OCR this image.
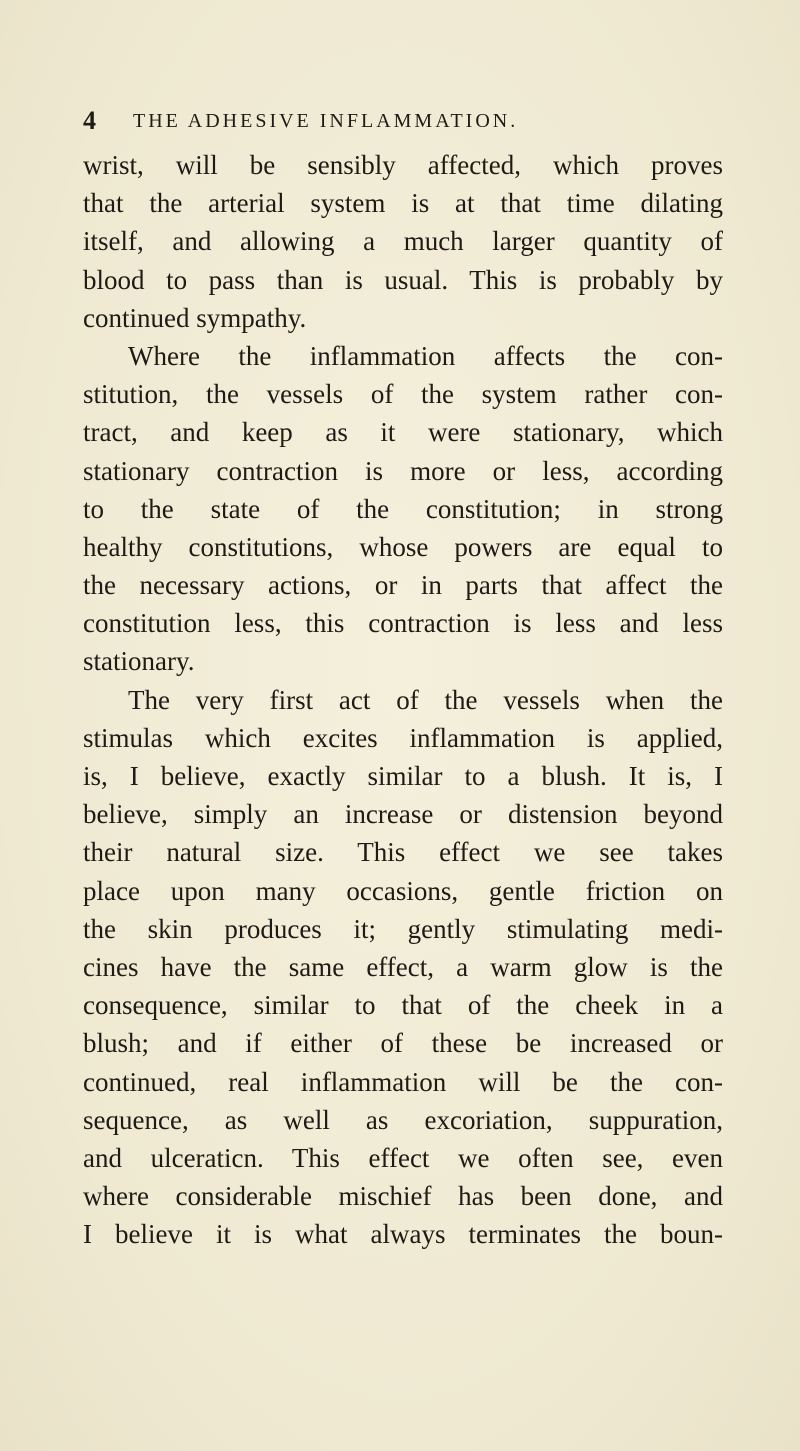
4 THE ADHESIVE INFLAMMATION.
wrist, will be sensibly affected, which proves
that the arterial system is at that time dilating
itself, and allowing a much larger quantity of
blood to pass than is usual. This is probably by
continued sympathy.
Where the inflammation affects the con-
stitution, the vessels of the system rather con-
tract, and keep as it were stationary, which
stationary contraction is more or less, according
to the state of the constitution; in strong
healthy constitutions, whose powers are equal to
the necessary actions, or in parts that affect the
constitution less, this contraction is less and less
stationary.
The very first act of the vessels when the
stimulas which excites inflammation is applied,
is, I believe, exactly similar to a blush. It is, I
believe, simply an increase or distension beyond
their natural size. This effect we see takes
place upon many occasions, gentle friction on
the skin produces it; gently stimulating medi-
cines have the same effect, a warm glow is the
consequence, similar to that of the cheek in a
blush; and if either of these be increased or
continued, real inflammation will be the con-
sequence, as well as excoriation, suppuration,
and ulceraticn. This effect we often see, even
where considerable mischief has been done, and
I believe it is what always terminates the boun-
